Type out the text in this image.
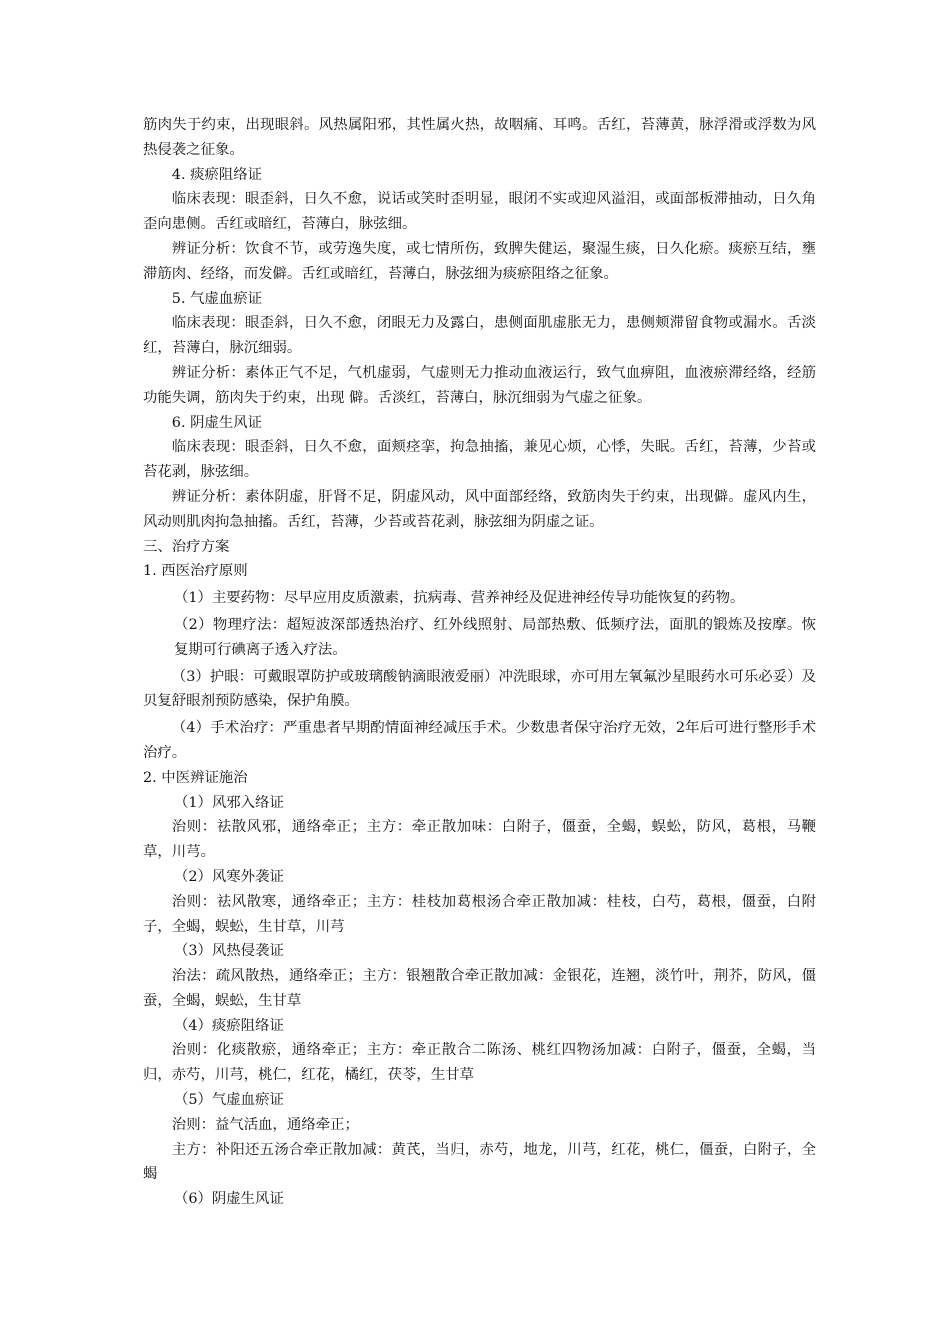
筋肉失于约束，出现眼斜。风热属阳邪，其性属火热，故咽痛、耳鸣。舌红，苔薄黄，脉浮滑或浮数为风热侵袭之征象。

4. 痰瘀阻络证

临床表现：眼歪斜，日久不愈，说话或笑时歪明显，眼闭不实或迎风溢泪，或面部板滞抽动，日久角歪向患侧。舌红或暗红，苔薄白，脉弦细。

辨证分析：饮食不节，或劳逸失度，或七情所伤，致脾失健运，聚湿生痰，日久化瘀。痰瘀互结，壅滞筋肉、经络，而发僻。舌红或暗红，苔薄白，脉弦细为痰瘀阻络之征象。

5. 气虚血瘀证

临床表现：眼歪斜，日久不愈，闭眼无力及露白，患侧面肌虚胀无力，患侧颊滞留食物或漏水。舌淡红，苔薄白，脉沉细弱。

辨证分析：素体正气不足，气机虚弱，气虚则无力推动血液运行，致气血痹阻，血液瘀滞经络，经筋功能失调，筋肉失于约束，出现 僻。舌淡红，苔薄白，脉沉细弱为气虚之征象。

6. 阴虚生风证

临床表现：眼歪斜，日久不愈，面颊痉挛，拘急抽搐，兼见心烦，心悸，失眠。舌红，苔薄，少苔或苔花剥，脉弦细。

辨证分析：素体阴虚，肝肾不足，阴虚风动，风中面部经络，致筋肉失于约束，出现僻。虚风内生，风动则肌肉拘急抽搐。舌红，苔薄，少苔或苔花剥，脉弦细为阴虚之证。

三、治疗方案

1. 西医治疗原则

（1）主要药物：尽早应用皮质激素，抗病毒、营养神经及促进神经传导功能恢复的药物。

（2）物理疗法：超短波深部透热治疗、红外线照射、局部热敷、低频疗法，面肌的锻炼及按摩。恢复期可行碘离子透入疗法。

（3）护眼：可戴眼罩防护或玻璃酸钠滴眼液爱丽）冲洗眼球，亦可用左氧氟沙星眼药水可乐必妥）及贝复舒眼剂预防感染，保护角膜。

（4）手术治疗：严重患者早期酌情面神经减压手术。少数患者保守治疗无效，2年后可进行整形手术治疗。

2. 中医辨证施治

（1）风邪入络证

治则：祛散风邪，通络牵正；主方：牵正散加味：白附子，僵蚕，全蝎，蜈蚣，防风，葛根，马鞭草，川芎。

（2）风寒外袭证

治则：祛风散寒，通络牵正；主方：桂枝加葛根汤合牵正散加减：桂枝，白芍，葛根，僵蚕，白附子，全蝎，蜈蚣，生甘草，川芎

（3）风热侵袭证

治法：疏风散热，通络牵正；主方：银翘散合牵正散加减：金银花，连翘，淡竹叶，荆芥，防风，僵蚕，全蝎，蜈蚣，生甘草

（4）痰瘀阻络证

治则：化痰散瘀，通络牵正；主方：牵正散合二陈汤、桃红四物汤加减：白附子，僵蚕，全蝎，当归，赤芍，川芎，桃仁，红花，橘红，茯苓，生甘草

（5）气虚血瘀证

治则：益气活血，通络牵正；

主方：补阳还五汤合牵正散加减：黄芪，当归，赤芍，地龙，川芎，红花，桃仁，僵蚕，白附子，全蝎

（6）阴虚生风证
